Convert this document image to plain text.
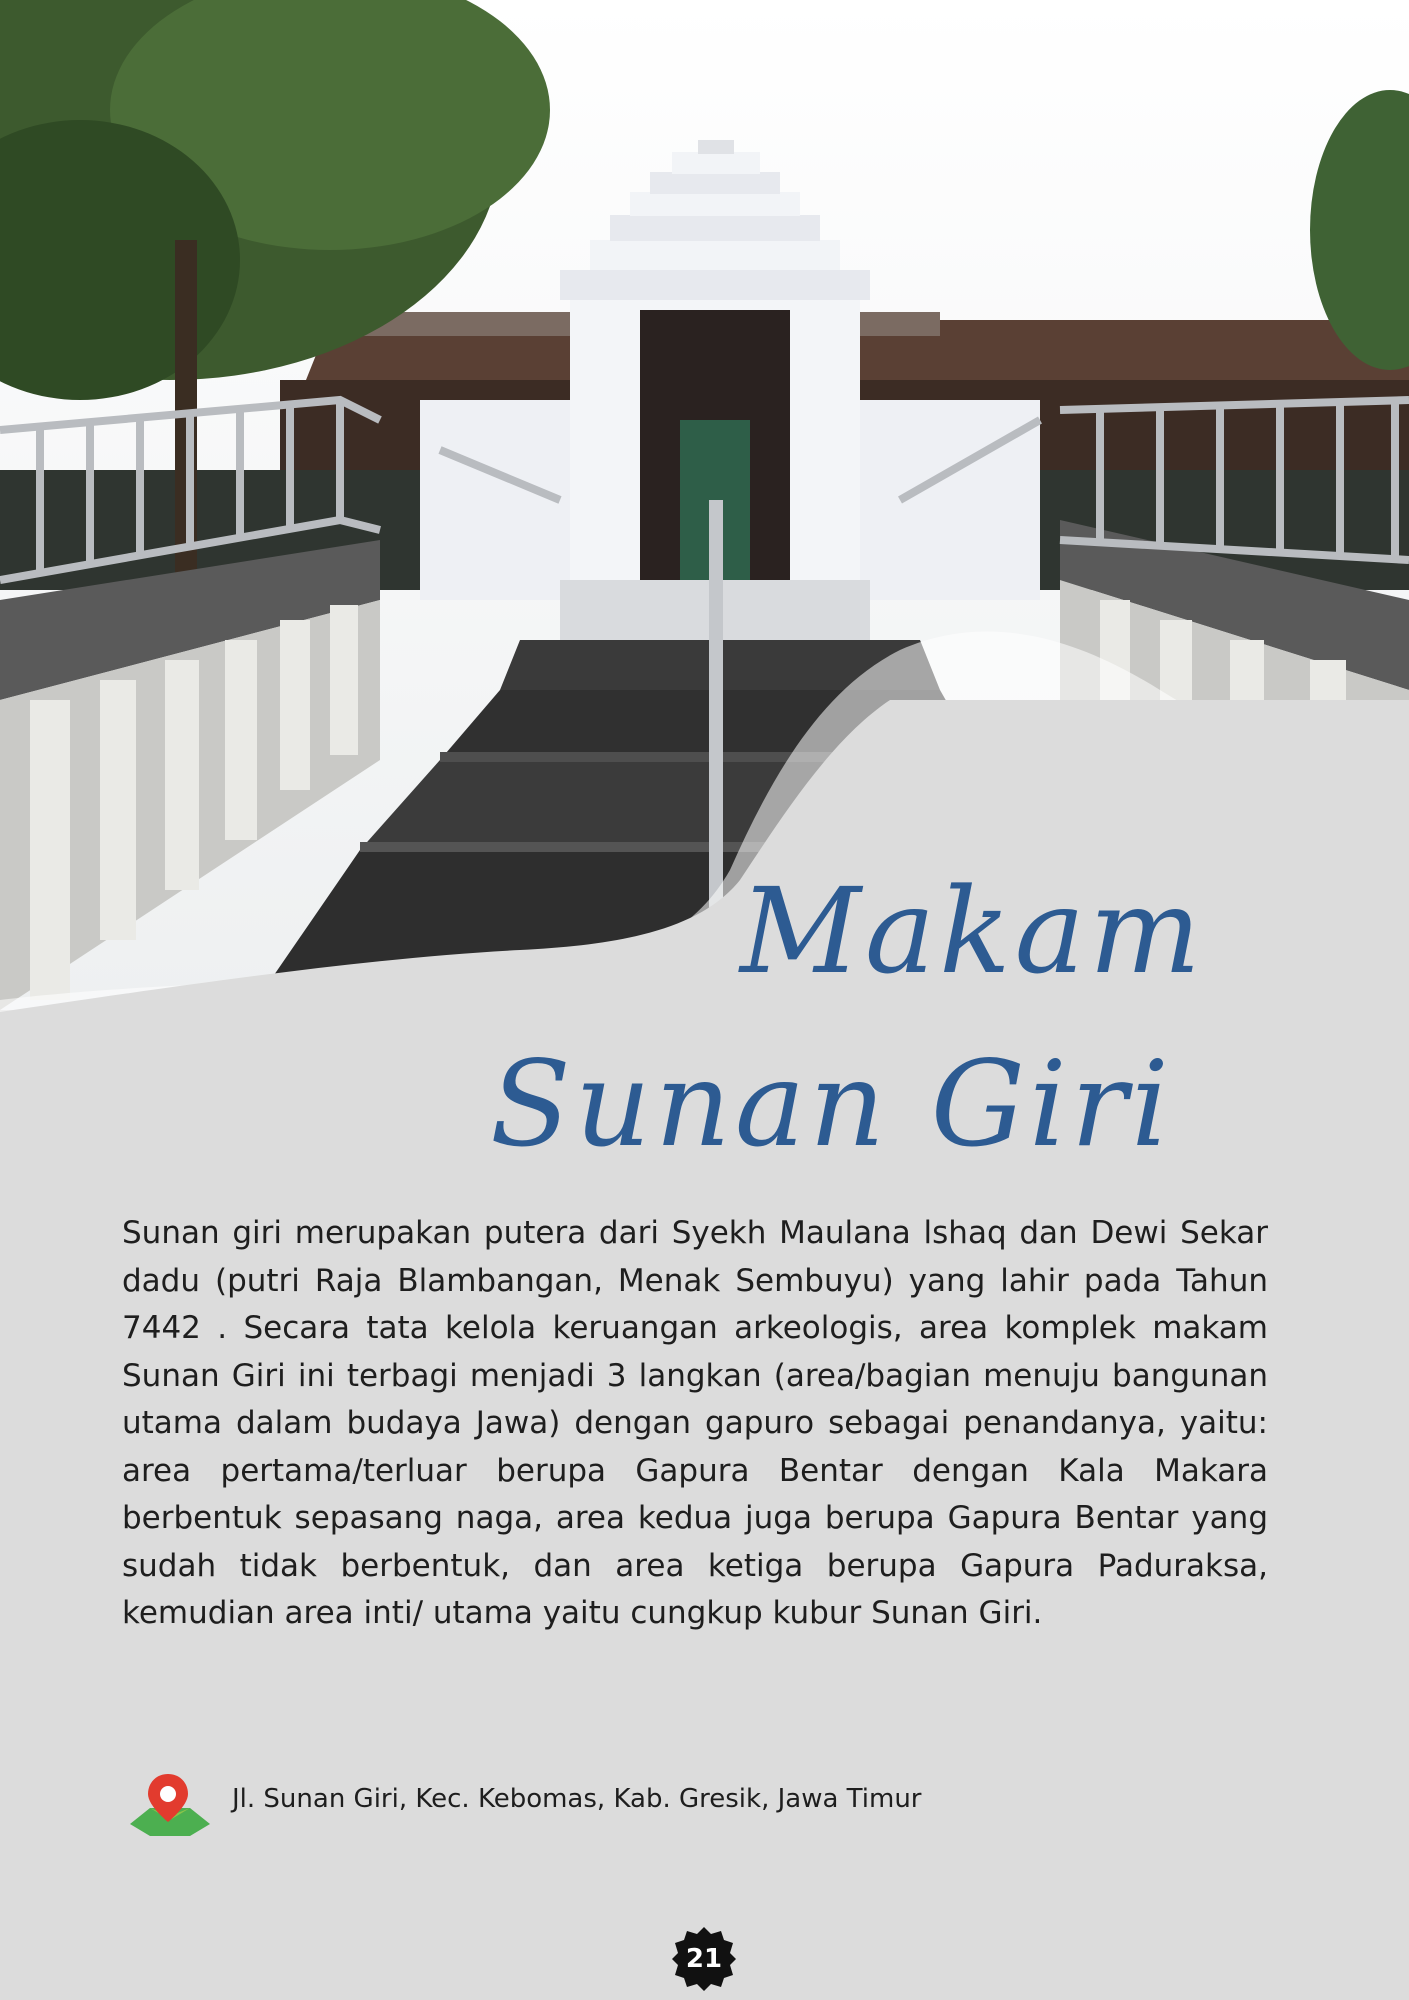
Makam
Sunan Giri
Sunan giri merupakan putera dari Syekh Maulana lshaq dan Dewi Sekar dadu (putri Raja Blambangan, Menak Sembuyu) yang lahir pada Tahun 7442 . Secara tata kelola keruangan arkeologis, area komplek makam Sunan Giri ini terbagi menjadi 3 langkan (area/bagian menuju bangunan utama dalam budaya Jawa) dengan gapuro sebagai penandanya, yaitu: area pertama/terluar berupa Gapura Bentar dengan Kala Makara berbentuk sepasang naga, area kedua juga berupa Gapura Bentar yang sudah tidak berbentuk, dan area ketiga berupa Gapura Paduraksa, kemudian area inti/ utama yaitu cungkup kubur Sunan Giri.
Jl. Sunan Giri, Kec. Kebomas, Kab. Gresik, Jawa Timur
21
